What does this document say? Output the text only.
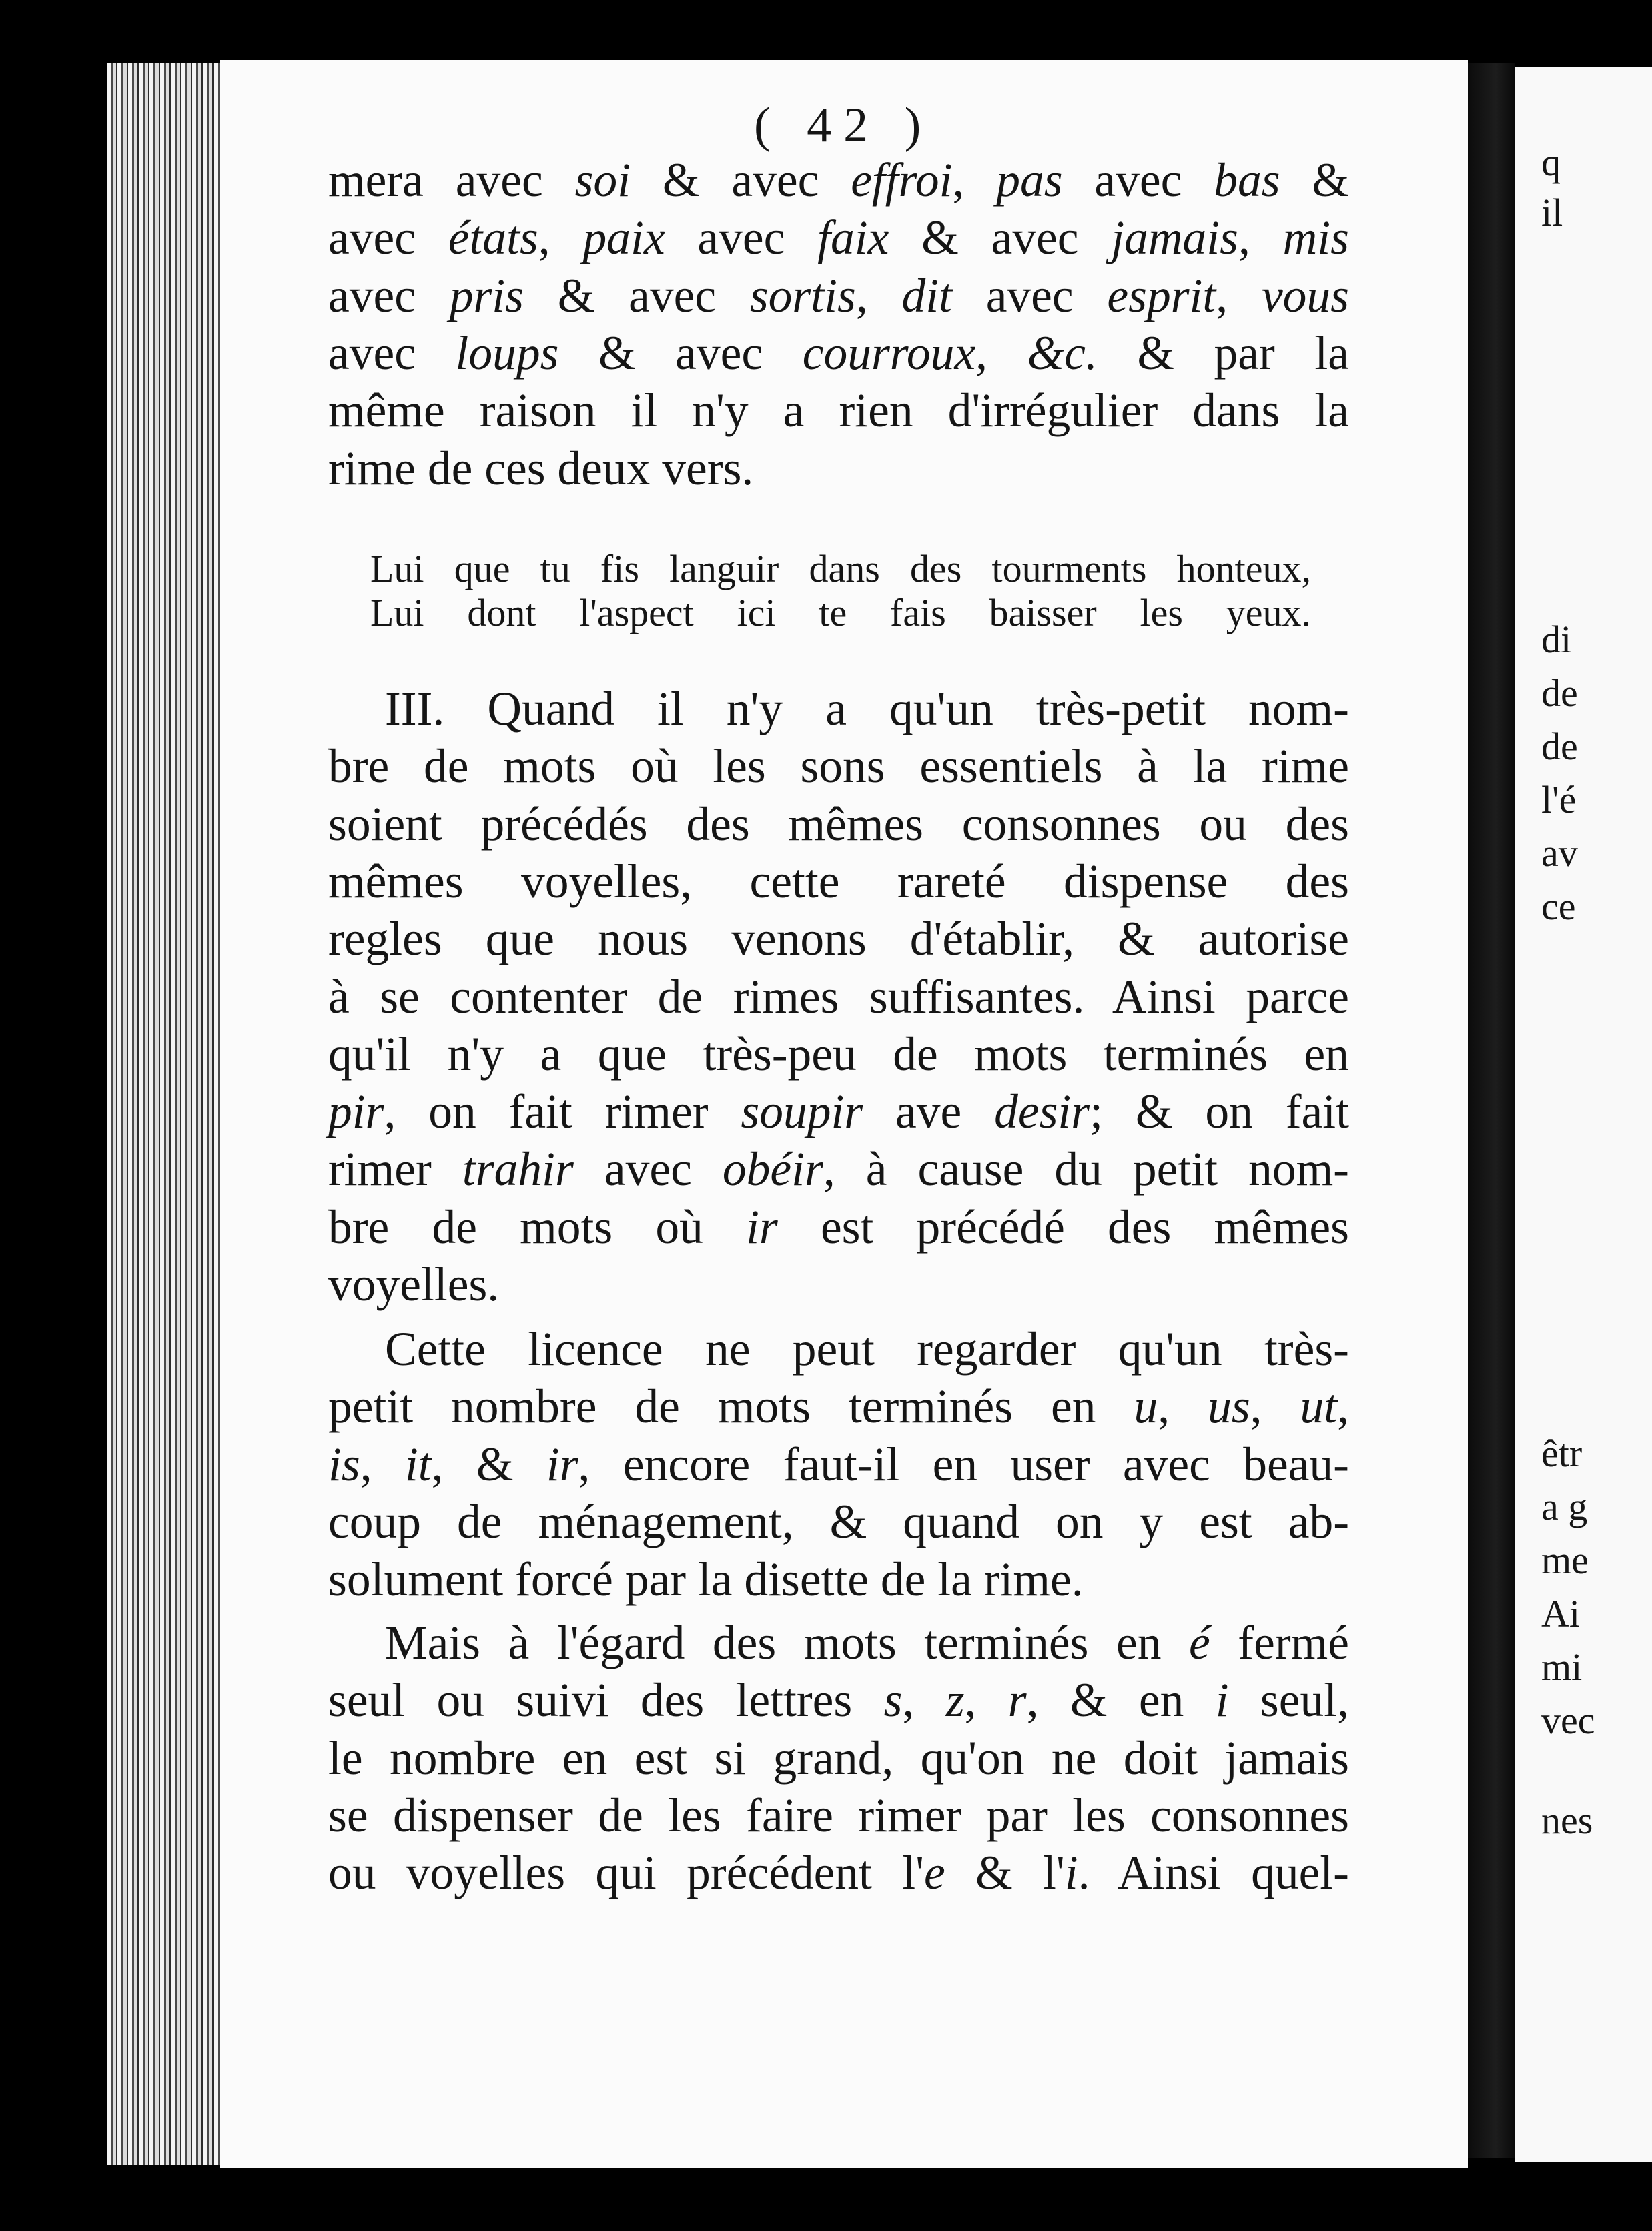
q
il
di
de
de
l'é
av
ce
êtr
a g
me
Ai
mi
vec
nes
( 42 )
mera avec soi & avec effroi, pas avec bas &
avec états, paix avec faix & avec jamais, mis
avec pris & avec sortis, dit avec esprit, vous
avec loups & avec courroux, &c. & par la
même raison il n'y a rien d'irrégulier dans la
rime de ces deux vers.
Lui que tu fis languir dans des tourments honteux,
Lui dont l'aspect ici te fais baisser les yeux.
III. Quand il n'y a qu'un très-petit nom-
bre de mots où les sons essentiels à la rime
soient précédés des mêmes consonnes ou des
mêmes voyelles, cette rareté dispense des
regles que nous venons d'établir, & autorise
à se contenter de rimes suffisantes. Ainsi parce
qu'il n'y a que très-peu de mots terminés en
pir, on fait rimer soupir ave desir; & on fait
rimer trahir avec obéir, à cause du petit nom-
bre de mots où ir est précédé des mêmes
voyelles.
Cette licence ne peut regarder qu'un très-
petit nombre de mots terminés en u, us, ut,
is, it, & ir, encore faut-il en user avec beau-
coup de ménagement, & quand on y est ab-
solument forcé par la disette de la rime.
Mais à l'égard des mots terminés en é fermé
seul ou suivi des lettres s, z, r, & en i seul,
le nombre en est si grand, qu'on ne doit jamais
se dispenser de les faire rimer par les consonnes
ou voyelles qui précédent l'e & l'i. Ainsi quel-
